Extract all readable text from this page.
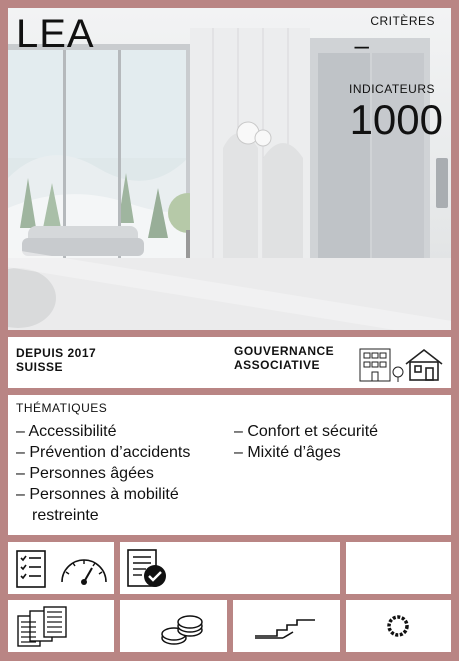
LEA	CRITÈRES
–
INDICATEURS
1000
DEPUIS 2017
SUISSE
GOUVERNANCE
ASSOCIATIVE
THÉMATIQUES
– Accessibilité
– Prévention d’accidents
– Personnes âgées
– Personnes à mobilité restreinte
– Confort et sécurité
– Mixité d’âges
